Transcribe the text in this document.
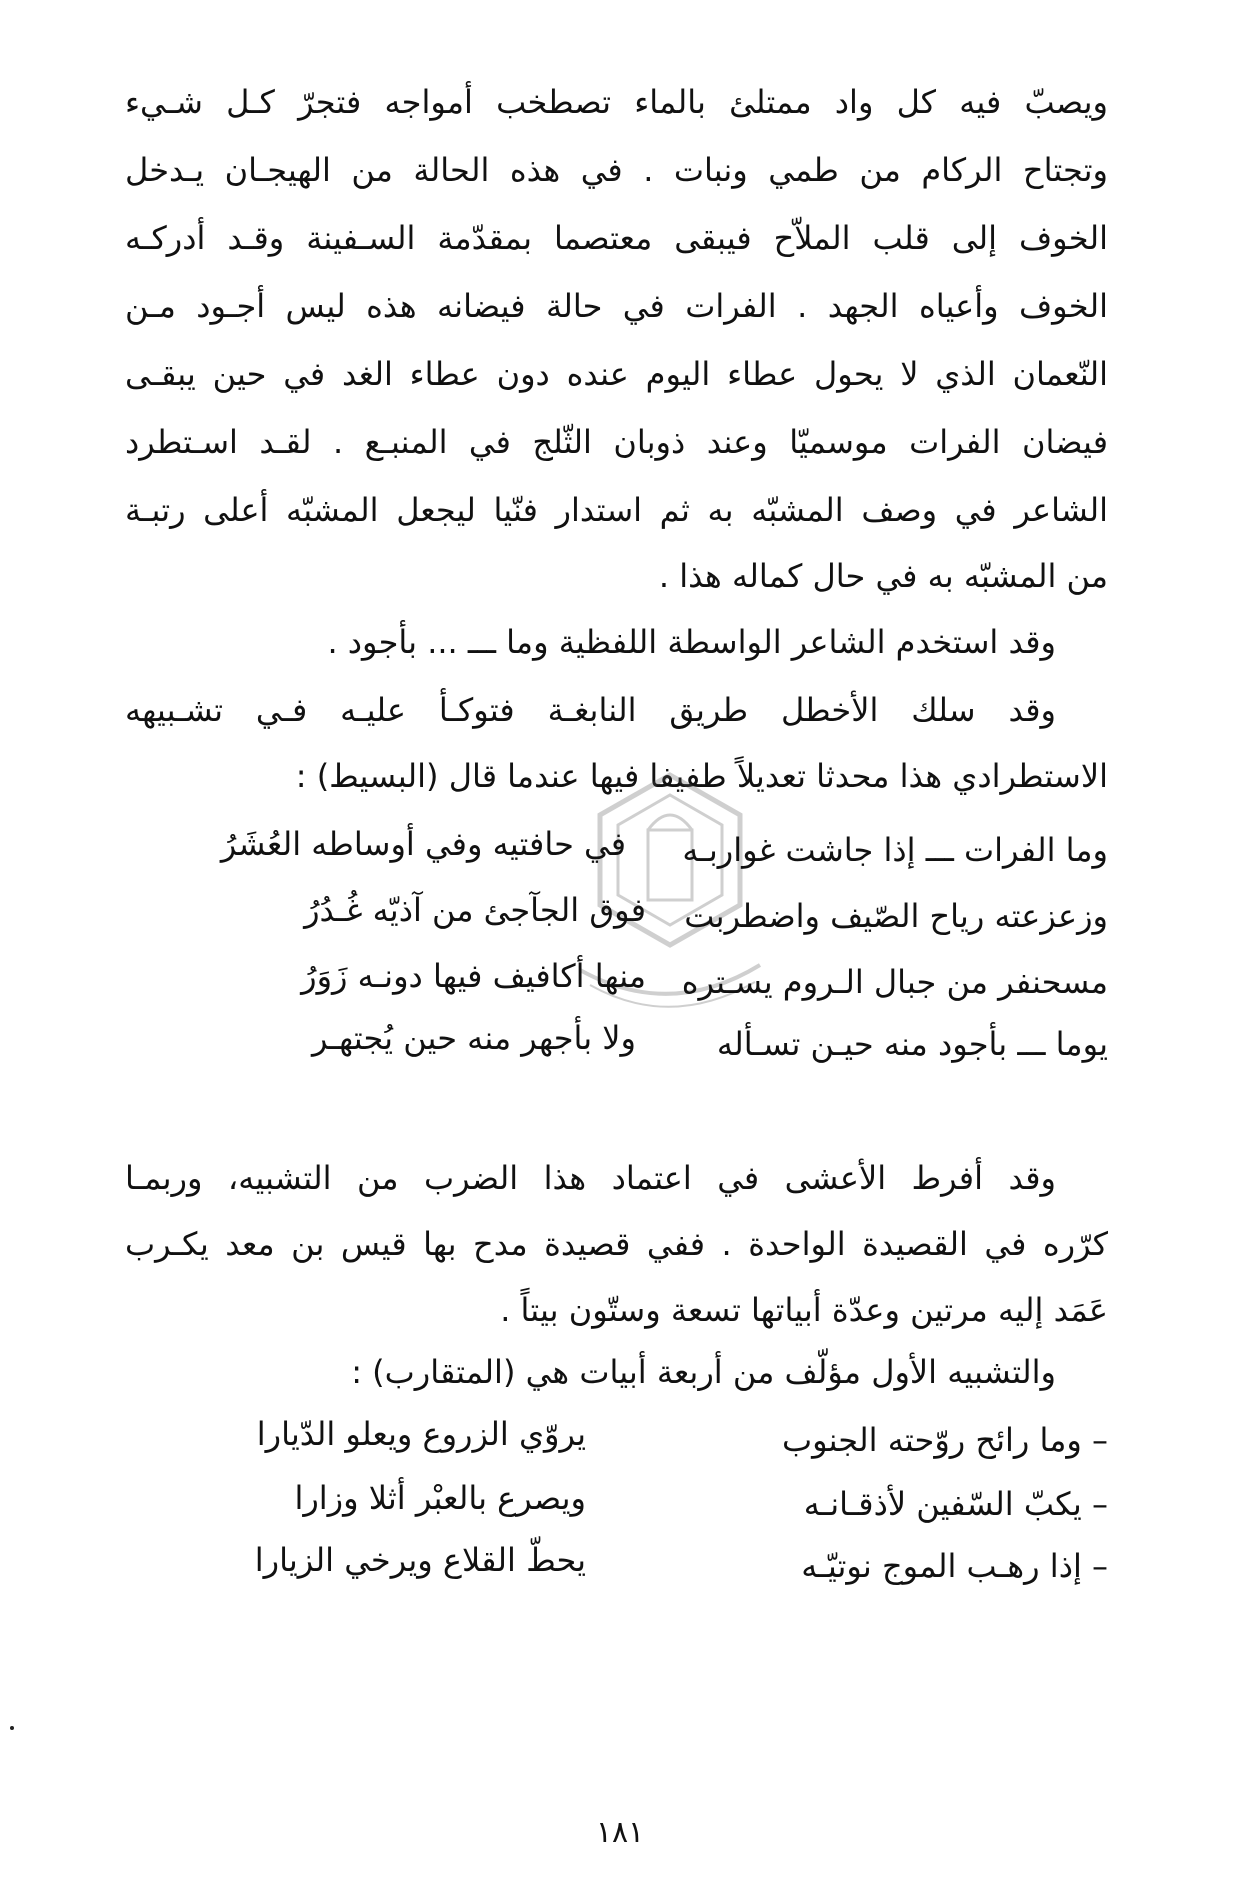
ويصبّ فيه كل واد ممتلئ بالماء تصطخب أمواجه فتجرّ كـل شـيء
وتجتاح الركام من طمي ونبات . في هذه الحالة من الهيجـان يـدخل
الخوف إلى قلب الملاّح فيبقى معتصما بمقدّمة السـفينة وقـد أدركـه
الخوف وأعياه الجهد . الفرات في حالة فيضانه هذه ليس أجـود مـن
النّعمان الذي لا يحول عطاء اليوم عنده دون عطاء الغد في حين يبقـى
فيضان الفرات موسميّا وعند ذوبان الثّلج في المنبـع . لقـد اسـتطرد
الشاعر في وصف المشبّه به ثم استدار فنّيا ليجعل المشبّه أعلى رتبـة
من المشبّه به في حال كماله هذا .
وقد استخدم الشاعر الواسطة اللفظية وما ـــ ... بأجود .
وقد سلك الأخطل طريق النابغـة فتوكـأ عليـه فـي تشـبيهه
الاستطرادي هذا محدثا تعديلاً طفيفا فيها عندما قال (البسيط) :
وما الفرات ـــ إذا جاشت غواربـه
في حافتيه وفي أوساطه العُشَرُ
وزعزعته رياح الصّيف واضطربت
فوق الجآجئ من آذيّه غُـدُرُ
مسحنفر من جبال الـروم يسـتره
منها أكافيف فيها دونـه زَوَرُ
يوما ـــ بأجود منه حيـن تسـأله
ولا بأجهر منه حين يُجتهـر
وقد أفرط الأعشى في اعتماد هذا الضرب من التشبيه، وربمـا
كرّره في القصيدة الواحدة . ففي قصيدة مدح بها قيس بن معد يكـرب
عَمَد إليه مرتين وعدّة أبياتها تسعة وستّون بيتاً .
والتشبيه الأول مؤلّف من أربعة أبيات هي (المتقارب) :
– وما رائح روّحته الجنوب
يروّي الزروع ويعلو الدّيارا
– يكبّ السّفين لأذقـانـه
ويصرع بالعبْر أثلا وزارا
– إذا رهـب الموج نوتيّـه
يحطّ القلاع ويرخي الزيارا
١٨١
